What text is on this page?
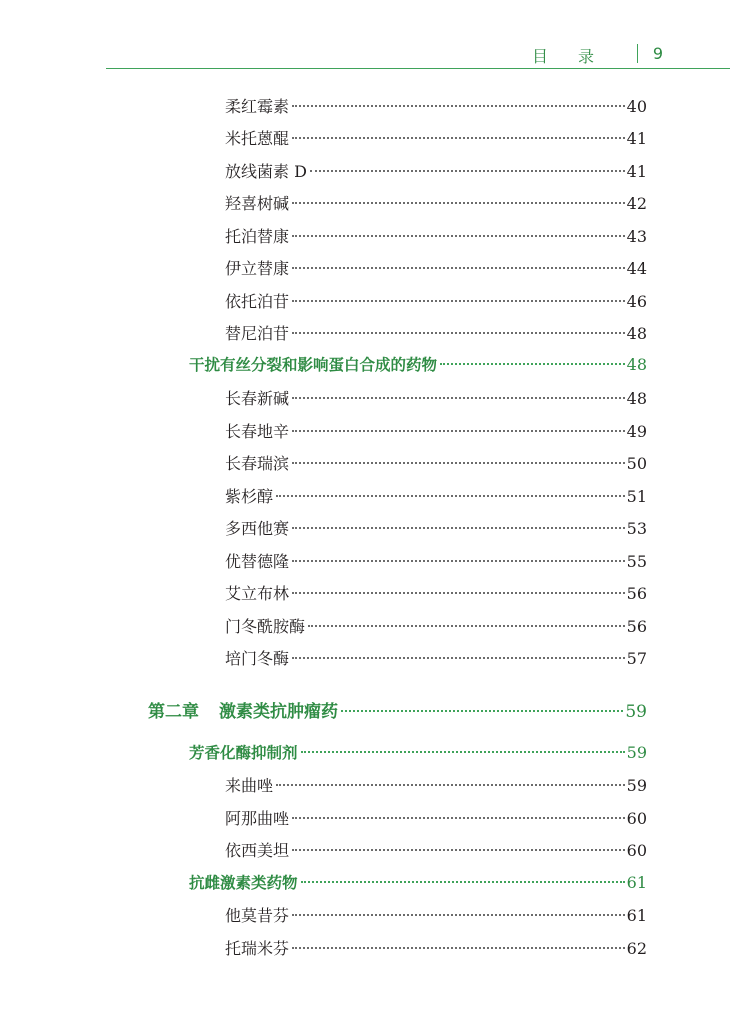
目录 9
柔红霉素	40
米托蒽醌	41
放线菌素 D	41
羟喜树碱	42
托泊替康	43
伊立替康	44
依托泊苷	46
替尼泊苷	48
干扰有丝分裂和影响蛋白合成的药物	48
长春新碱	48
长春地辛	49
长春瑞滨	50
紫杉醇	51
多西他赛	53
优替德隆	55
艾立布林	56
门冬酰胺酶	56
培门冬酶	57
第二章 激素类抗肿瘤药	59
芳香化酶抑制剂	59
来曲唑	59
阿那曲唑	60
依西美坦	60
抗雌激素类药物	61
他莫昔芬	61
托瑞米芬	62
